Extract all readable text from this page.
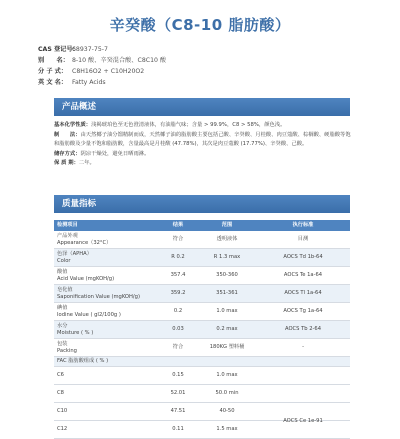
辛癸酸（C8-10 脂肪酸）
CAS 登记号：
68937-75-7
别　　名： 8-10 酸、辛癸混合酸、C8C10 酸
分 子 式： C8H16O2 + C10H20O2
英 文 名： Fatty Acids
产品概述
基本化学性质：浅褐琥珀色至无色澄清液体，有油脂气味；含量 > 99.9%，C8 > 58%，颜色浅。
制　　法：由天然椰子油分馏精制而成，天然椰子油的脂肪酸主要包括己酸、辛癸酸、月桂酸、肉豆蔻酸、棕榈酸、硬脂酸等饱和脂肪酸及少量不饱和脂肪酸，含量最高是月桂酸 (47.78%)，其次是肉豆蔻酸 (17.77%)、辛癸酸、己酸。
储存方式：阴凉干燥处，避免日晒雨淋。
保 质 期：二年。
质量指标
检测项目	结果	范围	执行标准
产品外观
Appearance（32°C）
符合	透明液体	目测
色泽（APHA）
Color
R 0.2	R 1.3 max	AOCS Td 1b-64
酸值
Acid Value (mgKOH/g)
357.4	350-360	AOCS Te 1a-64
皂化值
Saponification Value (mgKOH/g)
359.2	351-361	AOCS Tl 1a-64
碘值
Iodine Value ( gI2/100g )
0.2	1.0 max	AOCS Tg 1a-64
水分
Moisture ( % )
0.03	0.2 max	AOCS Tb 2-64
包装
Packing
符合	180KG 塑料桶	-
FAC 脂肪酸组成 ( % )
C6	0.15	1.0 max
C8	52.01	50.0 min
C10	47.51	40-50
C12	0.11	1.5 max
AOCS Ce 1e-91
